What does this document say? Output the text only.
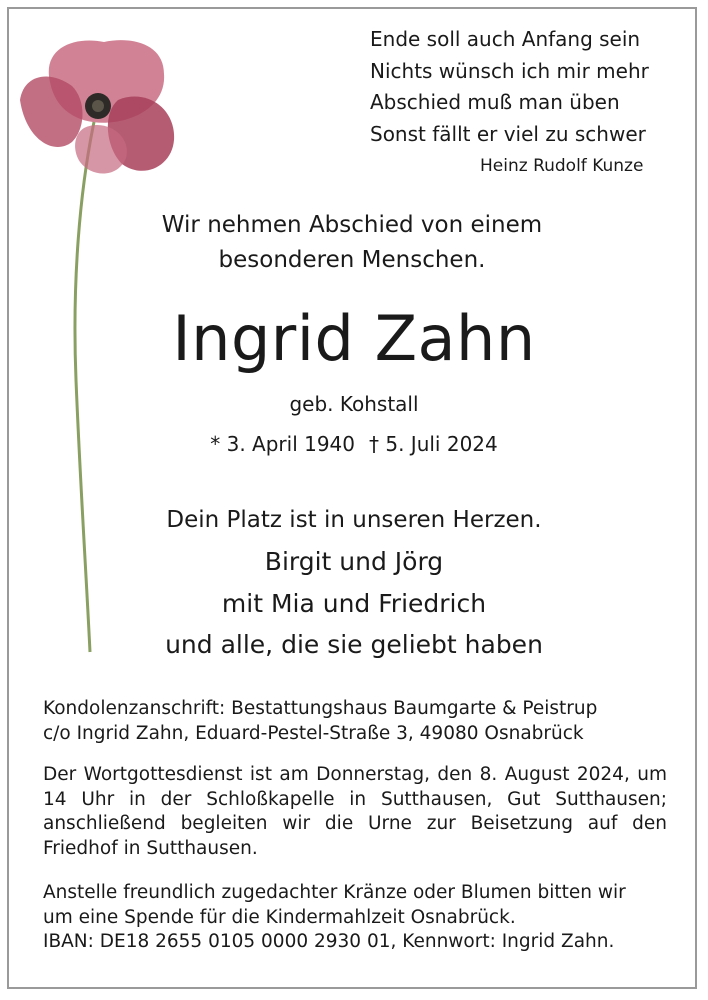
Ende soll auch Anfang sein
Nichts wünsch ich mir mehr
Abschied muß man üben
Sonst fällt er viel zu schwer
Heinz Rudolf Kunze
Wir nehmen Abschied von einem
besonderen Menschen.
Ingrid Zahn
geb. Kohstall
* 3. April 1940 † 5. Juli 2024
Dein Platz ist in unseren Herzen.
Birgit und Jörg
mit Mia und Friedrich
und alle, die sie geliebt haben
Kondolenzanschrift: Bestattungshaus Baumgarte & Peistrup
c/o Ingrid Zahn, Eduard-Pestel-Straße 3, 49080 Osnabrück
Der Wortgottesdienst ist am Donnerstag, den 8. August 2024, um
14 Uhr in der Schloßkapelle in Sutthausen, Gut Sutthausen;
anschließend begleiten wir die Urne zur Beisetzung auf den
Friedhof in Sutthausen.
Anstelle freundlich zugedachter Kränze oder Blumen bitten wir
um eine Spende für die Kindermahlzeit Osnabrück.
IBAN: DE18 2655 0105 0000 2930 01, Kennwort: Ingrid Zahn.
